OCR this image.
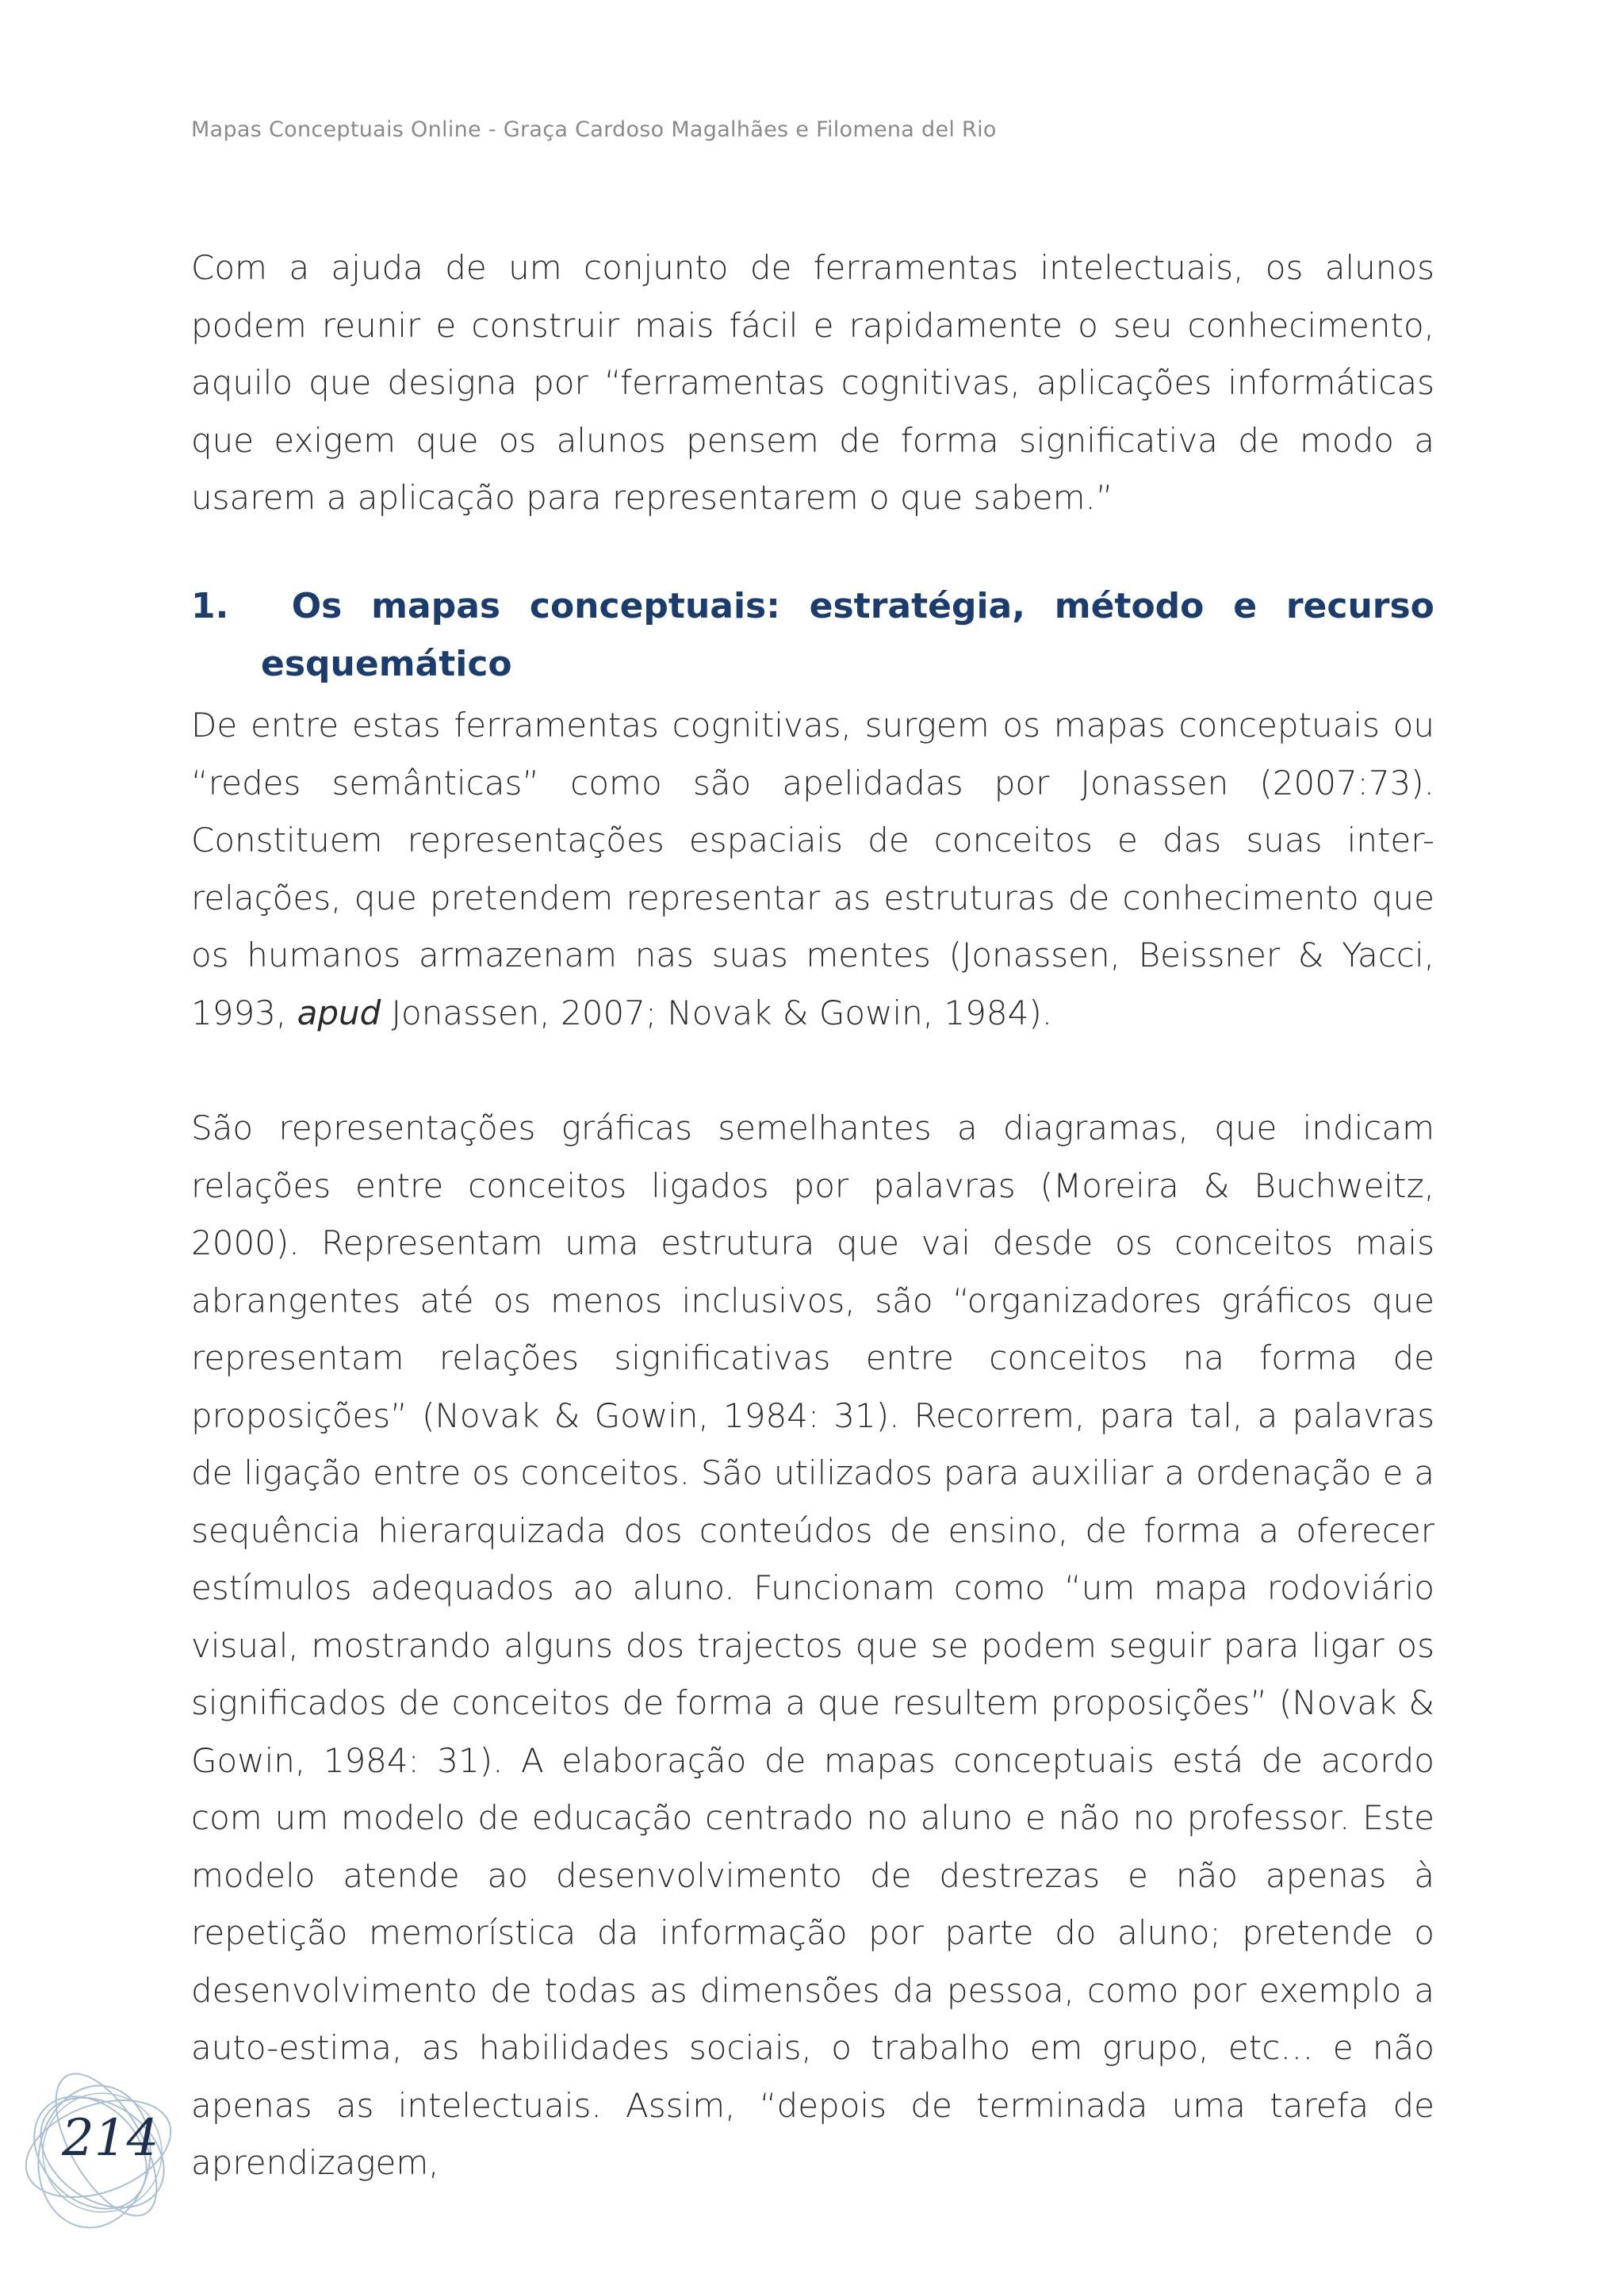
Mapas Conceptuais Online - Graça Cardoso Magalhães e Filomena del Rio

Com a ajuda de um conjunto de ferramentas intelectuais, os alunos podem reunir e construir mais fácil e rapidamente o seu conhecimento, aquilo que designa por “ferramentas cognitivas, aplicações informáticas que exigem que os alunos pensem de forma significativa de modo a usarem a aplicação para representarem o que sabem.”

1.	Os mapas conceptuais: estratégia, método e recurso
esquemático

De entre estas ferramentas cognitivas, surgem os mapas conceptuais ou “redes semânticas” como são apelidadas por Jonassen (2007:73). Constituem representações espaciais de conceitos e das suas inter-relações, que pretendem representar as estruturas de conhecimento que os humanos armazenam nas suas mentes (Jonassen, Beissner & Yacci, 1993, apud Jonassen, 2007; Novak & Gowin, 1984).

São representações gráficas semelhantes a diagramas, que indicam relações entre conceitos ligados por palavras (Moreira & Buchweitz, 2000). Representam uma estrutura que vai desde os conceitos mais abrangentes até os menos inclusivos, são “organizadores gráficos que representam relações significativas entre conceitos na forma de proposições” (Novak & Gowin, 1984: 31). Recorrem, para tal, a palavras de ligação entre os conceitos. São utilizados para auxiliar a ordenação e a sequência hierarquizada dos conteúdos de ensino, de forma a oferecer estímulos adequados ao aluno. Funcionam como “um mapa rodoviário visual, mostrando alguns dos trajectos que se podem seguir para ligar os significados de conceitos de forma a que resultem proposições” (Novak & Gowin, 1984: 31). A elaboração de mapas conceptuais está de acordo com um modelo de educação centrado no aluno e não no professor. Este modelo atende ao desenvolvimento de destrezas e não apenas à repetição memorística da informação por parte do aluno; pretende o desenvolvimento de todas as dimensões da pessoa, como por exemplo a auto-estima, as habilidades sociais, o trabalho em grupo, etc… e não apenas as intelectuais. Assim, “depois de terminada uma tarefa de aprendizagem,

214
